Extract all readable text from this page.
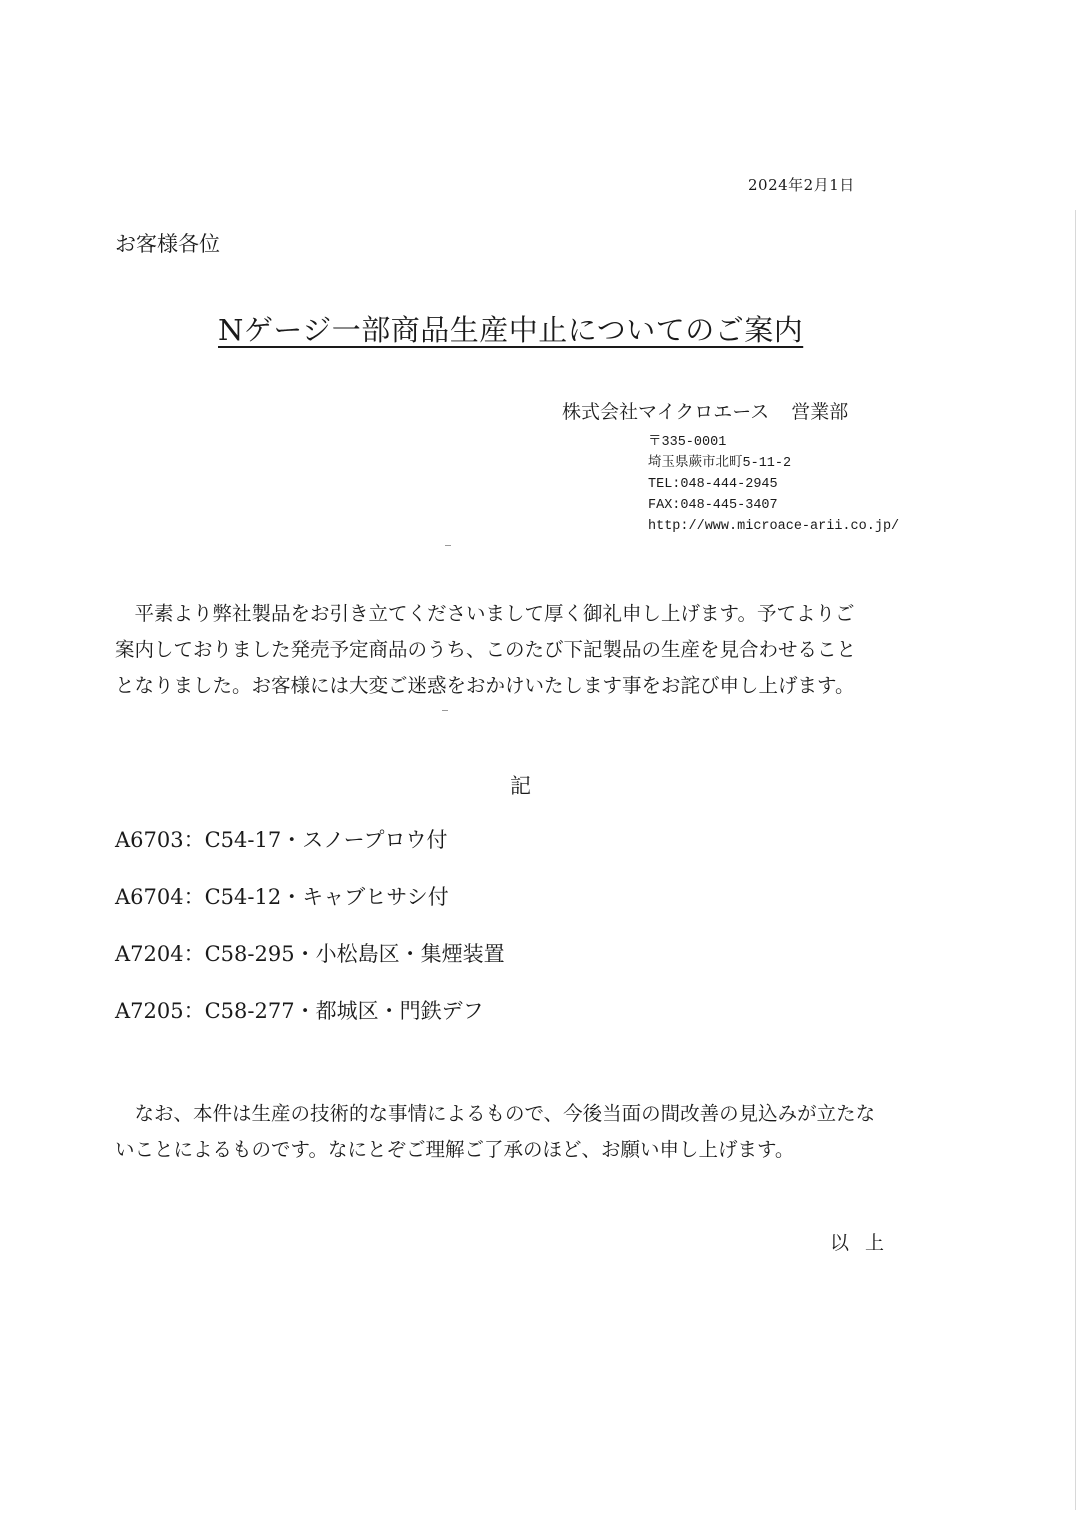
2024年2月1日
お客様各位
Nゲージ一部商品生産中止についてのご案内
株式会社マイクロエース 営業部
〒335-0001
埼玉県蕨市北町5-11-2
TEL:048-444-2945
FAX:048-445-3407
http://www.microace-arii.co.jp/
　平素より弊社製品をお引き立てくださいまして厚く御礼申し上げます。予てよりご
案内しておりました発売予定商品のうち、このたび下記製品の生産を見合わせること
となりました。お客様には大変ご迷惑をおかけいたします事をお詫び申し上げます。
記
A6703：C54-17・スノープロウ付
A6704：C54-12・キャブヒサシ付
A7204：C58-295・小松島区・集煙装置
A7205：C58-277・都城区・門鉄デフ
　なお、本件は生産の技術的な事情によるもので、今後当面の間改善の見込みが立たな
いことによるものです。なにとぞご理解ご了承のほど、お願い申し上げます。
以上
